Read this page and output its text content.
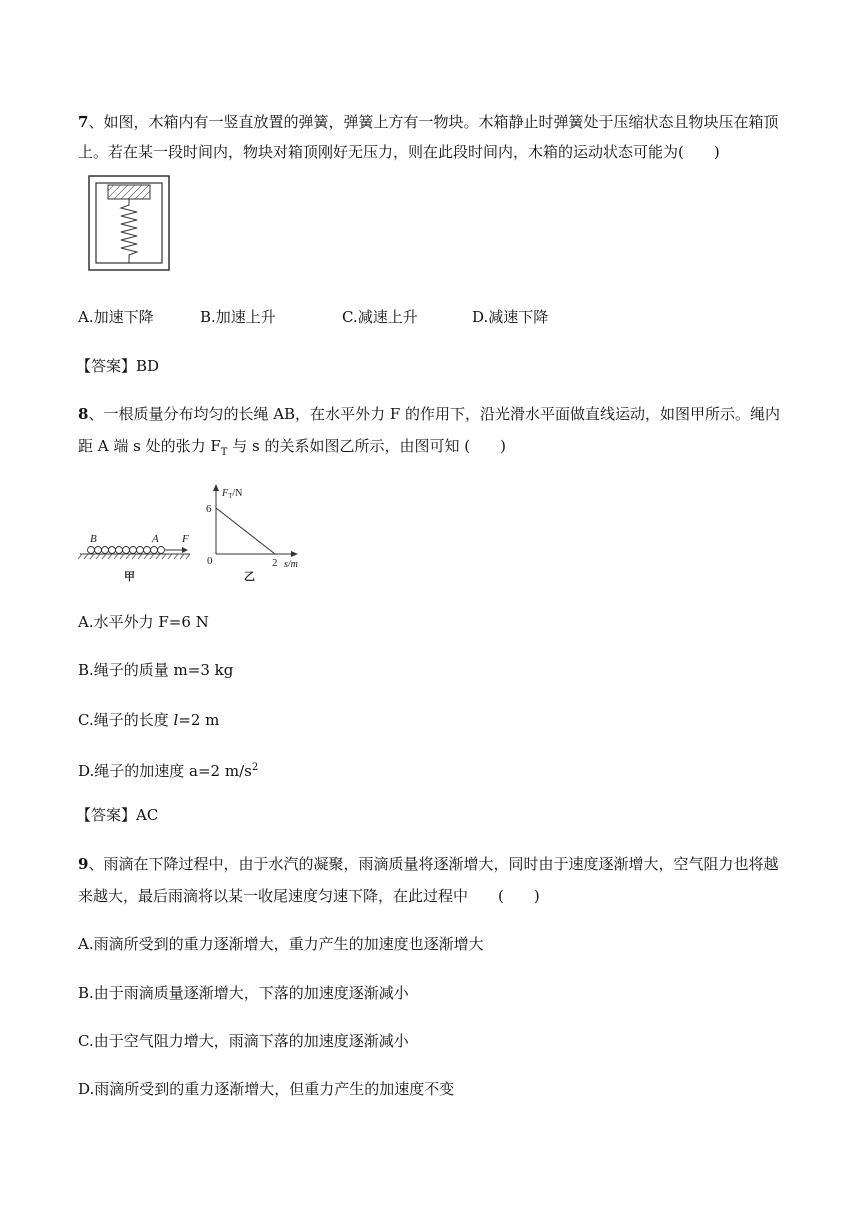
7、如图，木箱内有一竖直放置的弹簧，弹簧上方有一物块。木箱静止时弹簧处于压缩状态且物块压在箱顶
上。若在某一段时间内，物块对箱顶刚好无压力，则在此段时间内，木箱的运动状态可能为(　　)
A.加速下降	B.加速上升	C.减速上升	D.减速下降
【答案】BD
8、一根质量分布均匀的长绳 AB，在水平外力 F 的作用下，沿光滑水平面做直线运动，如图甲所示。绳内
距 A 端 s 处的张力 $F_T$ 与 s 的关系如图乙所示，由图可知 (　　)
B	A F
甲
$F_T/N$
6
0	2 s/m
乙
A.水平外力 F=6 N
B.绳子的质量 m=3 kg
C.绳子的长度 l=2 m
D.绳子的加速度 a=2 $m/s^2$
【答案】AC
9、雨滴在下降过程中，由于水汽的凝聚，雨滴质量将逐渐增大，同时由于速度逐渐增大，空气阻力也将越
来越大，最后雨滴将以某一收尾速度匀速下降，在此过程中　　(　　)
A.雨滴所受到的重力逐渐增大，重力产生的加速度也逐渐增大
B.由于雨滴质量逐渐增大，下落的加速度逐渐减小
C.由于空气阻力增大，雨滴下落的加速度逐渐减小
D.雨滴所受到的重力逐渐增大，但重力产生的加速度不变
